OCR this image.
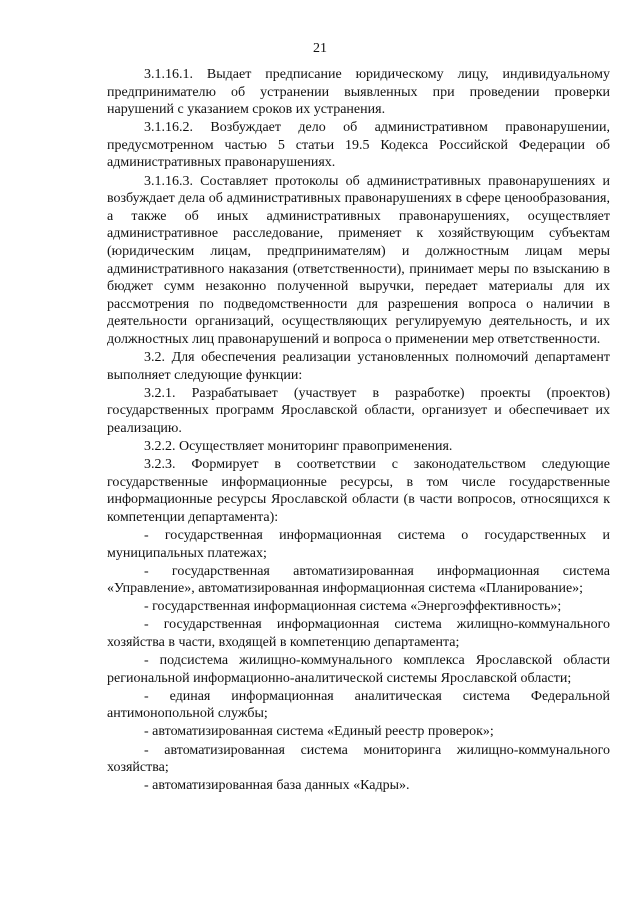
21

3.1.16.1. Выдает предписание юридическому лицу, индивидуальному предпринимателю об устранении выявленных при проведении проверки нарушений с указанием сроков их устранения.

3.1.16.2. Возбуждает дело об административном правонарушении, предусмотренном частью 5 статьи 19.5 Кодекса Российской Федерации об административных правонарушениях.

3.1.16.3. Составляет протоколы об административных правонарушениях и возбуждает дела об административных правонарушениях в сфере ценообразования, а также об иных административных правонарушениях, осуществляет административное расследование, применяет к хозяйствующим субъектам (юридическим лицам, предпринимателям) и должностным лицам меры административного наказания (ответственности), принимает меры по взысканию в бюджет сумм незаконно полученной выручки, передает материалы для их рассмотрения по подведомственности для разрешения вопроса о наличии в деятельности организаций, осуществляющих регулируемую деятельность, и их должностных лиц правонарушений и вопроса о применении мер ответственности.

3.2. Для обеспечения реализации установленных полномочий департамент выполняет следующие функции:

3.2.1. Разрабатывает (участвует в разработке) проекты (проектов) государственных программ Ярославской области, организует и обеспечивает их реализацию.

3.2.2. Осуществляет мониторинг правоприменения.

3.2.3. Формирует в соответствии с законодательством следующие государственные информационные ресурсы, в том числе государственные информационные ресурсы Ярославской области (в части вопросов, относящихся к компетенции департамента):

- государственная информационная система о государственных и муниципальных платежах;

- государственная автоматизированная информационная система «Управление», автоматизированная информационная система «Планирование»;

- государственная информационная система «Энергоэффективность»;

- государственная информационная система жилищно-коммунального хозяйства в части, входящей в компетенцию департамента;

- подсистема жилищно-коммунального комплекса Ярославской области региональной информационно-аналитической системы Ярославской области;

- единая информационная аналитическая система Федеральной антимонопольной службы;

- автоматизированная система «Единый реестр проверок»;

- автоматизированная система мониторинга жилищно-коммунального хозяйства;

- автоматизированная база данных «Кадры».
